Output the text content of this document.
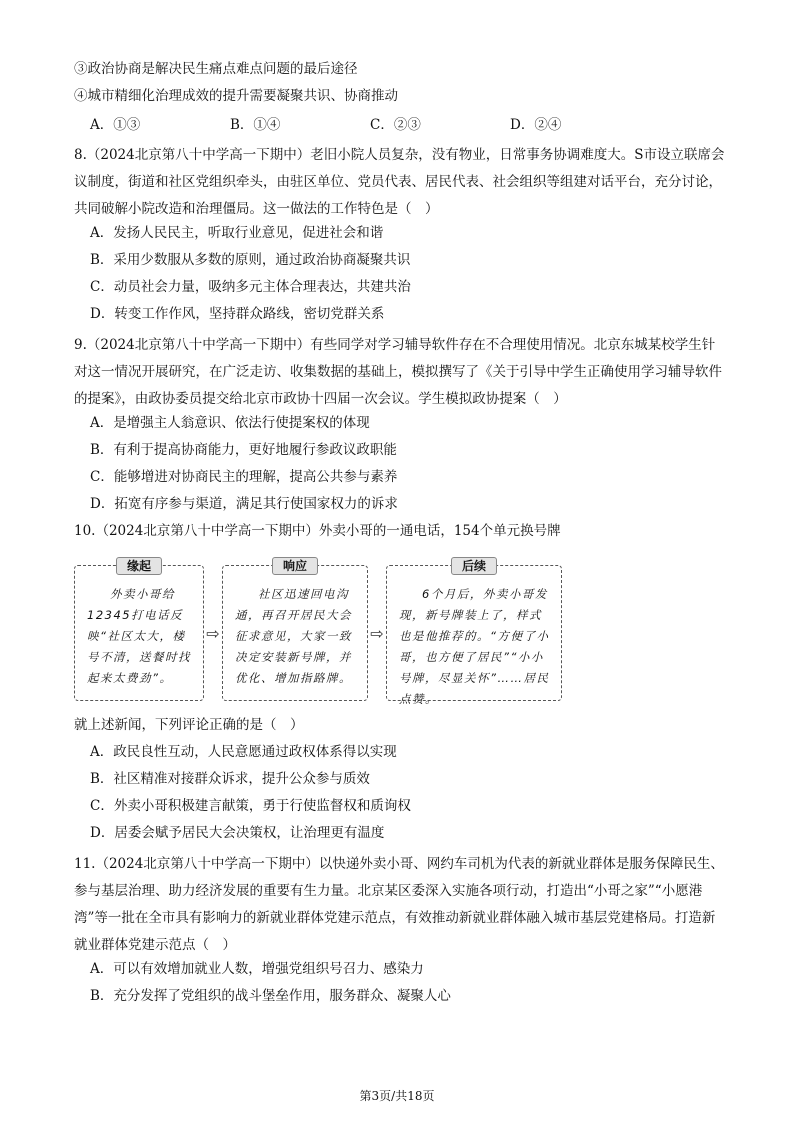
③政治协商是解决民生痛点难点问题的最后途径
④城市精细化治理成效的提升需要凝聚共识、协商推动
A．①③	B．①④	C．②③	D．②④
8.（2024北京第八十中学高一下期中）老旧小院人员复杂，没有物业，日常事务协调难度大。S市设立联席会议制度，街道和社区党组织牵头，由驻区单位、党员代表、居民代表、社会组织等组建对话平台，充分讨论，共同破解小院改造和治理僵局。这一做法的工作特色是（　）
A．发扬人民民主，听取行业意见，促进社会和谐
B．采用少数服从多数的原则，通过政治协商凝聚共识
C．动员社会力量，吸纳多元主体合理表达，共建共治
D．转变工作作风，坚持群众路线，密切党群关系
9.（2024北京第八十中学高一下期中）有些同学对学习辅导软件存在不合理使用情况。北京东城某校学生针对这一情况开展研究，在广泛走访、收集数据的基础上，模拟撰写了《关于引导中学生正确使用学习辅导软件的提案》，由政协委员提交给北京市政协十四届一次会议。学生模拟政协提案（　）
A．是增强主人翁意识、依法行使提案权的体现
B．有利于提高协商能力，更好地履行参政议政职能
C．能够增进对协商民主的理解，提高公共参与素养
D．拓宽有序参与渠道，满足其行使国家权力的诉求
10.（2024北京第八十中学高一下期中）外卖小哥的一通电话，154个单元换号牌
缘起
外卖小哥给12345打电话反映“社区太大，楼号不清，送餐时找起来太费劲”。
⇨
响应
社区迅速回电沟通，再召开居民大会征求意见，大家一致决定安装新号牌，并优化、增加指路牌。
⇨
后续
6个月后，外卖小哥发现，新号牌装上了，样式也是他推荐的。“方便了小哥，也方便了居民”“小小号牌，尽显关怀”……居民点赞。
就上述新闻，下列评论正确的是（　）
A．政民良性互动，人民意愿通过政权体系得以实现
B．社区精准对接群众诉求，提升公众参与质效
C．外卖小哥积极建言献策，勇于行使监督权和质询权
D．居委会赋予居民大会决策权，让治理更有温度
11.（2024北京第八十中学高一下期中）以快递外卖小哥、网约车司机为代表的新就业群体是服务保障民生、参与基层治理、助力经济发展的重要有生力量。北京某区委深入实施各项行动，打造出“小哥之家”“小愿港湾”等一批在全市具有影响力的新就业群体党建示范点，有效推动新就业群体融入城市基层党建格局。打造新就业群体党建示范点（　）
A．可以有效增加就业人数，增强党组织号召力、感染力
B．充分发挥了党组织的战斗堡垒作用，服务群众、凝聚人心
第3页/共18页
